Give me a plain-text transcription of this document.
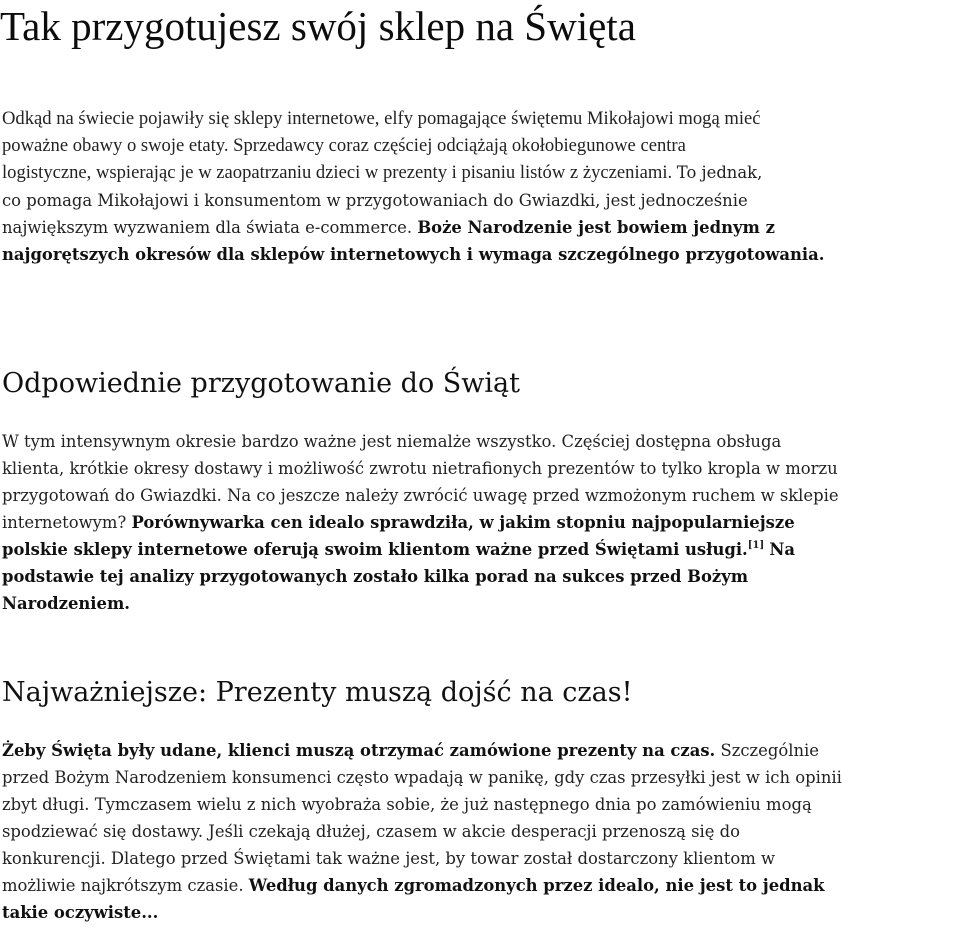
Tak przygotujesz swój sklep na Święta

Odkąd na świecie pojawiły się sklepy internetowe, elfy pomagające świętemu Mikołajowi mogą mieć
poważne obawy o swoje etaty. Sprzedawcy coraz częściej odciążają okołobiegunowe centra
logistyczne, wspierając je w zaopatrzaniu dzieci w prezenty i pisaniu listów z życzeniami. To jednak,
co pomaga Mikołajowi i konsumentom w przygotowaniach do Gwiazdki, jest jednocześnie
największym wyzwaniem dla świata e-commerce. Boże Narodzenie jest bowiem jednym z
najgorętszych okresów dla sklepów internetowych i wymaga szczególnego przygotowania.

Odpowiednie przygotowanie do Świąt

W tym intensywnym okresie bardzo ważne jest niemalże wszystko. Częściej dostępna obsługa
klienta, krótkie okresy dostawy i możliwość zwrotu nietrafionych prezentów to tylko kropla w morzu
przygotowań do Gwiazdki. Na co jeszcze należy zwrócić uwagę przed wzmożonym ruchem w sklepie
internetowym? Porównywarka cen idealo sprawdziła, w jakim stopniu najpopularniejsze
polskie sklepy internetowe oferują swoim klientom ważne przed Świętami usługi.[1] Na
podstawie tej analizy przygotowanych zostało kilka porad na sukces przed Bożym
Narodzeniem.

Najważniejsze: Prezenty muszą dojść na czas!

Żeby Święta były udane, klienci muszą otrzymać zamówione prezenty na czas. Szczególnie
przed Bożym Narodzeniem konsumenci często wpadają w panikę, gdy czas przesyłki jest w ich opinii
zbyt długi. Tymczasem wielu z nich wyobraża sobie, że już następnego dnia po zamówieniu mogą
spodziewać się dostawy. Jeśli czekają dłużej, czasem w akcie desperacji przenoszą się do
konkurencji. Dlatego przed Świętami tak ważne jest, by towar został dostarczony klientom w
możliwie najkrótszym czasie. Według danych zgromadzonych przez idealo, nie jest to jednak
takie oczywiste...
